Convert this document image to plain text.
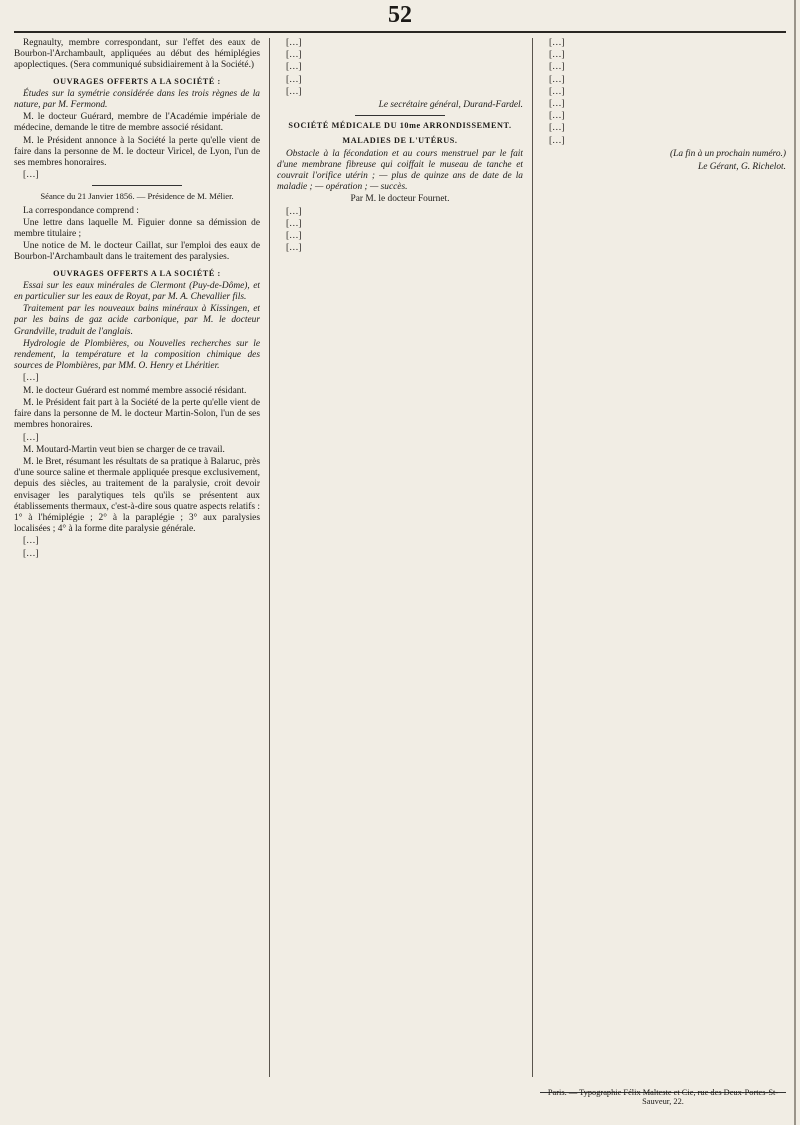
52

Regnaulty, membre correspondant, sur l'effet des eaux de Bourbon-l'Archambault, appliquées au début des hémiplégies apoplectiques. (Sera communiqué subsidiairement à la Société.)

OUVRAGES OFFERTS A LA SOCIÉTÉ :

Études sur la symétrie considérée dans les trois règnes de la nature, par M. Fermond.

M. le docteur Guérard, membre de l'Académie impériale de médecine, demande le titre de membre associé résidant.

M. le Président annonce à la Société la perte qu'elle vient de faire dans la personne de M. le docteur Viricel, de Lyon, l'un de ses membres honoraires.

[…]

Séance du 21 Janvier 1856. — Présidence de M. Mélier.

La correspondance comprend :

Une lettre dans laquelle M. Figuier donne sa démission de membre titulaire ;

Une notice de M. le docteur Caillat, sur l'emploi des eaux de Bourbon-l'Archambault dans le traitement des paralysies.

OUVRAGES OFFERTS A LA SOCIÉTÉ :

Essai sur les eaux minérales de Clermont (Puy-de-Dôme), et en particulier sur les eaux de Royat, par M. A. Chevallier fils.

Traitement par les nouveaux bains minéraux à Kissingen, et par les bains de gaz acide carbonique, par M. le docteur Grandville, traduit de l'anglais.

Hydrologie de Plombières, ou Nouvelles recherches sur le rendement, la température et la composition chimique des sources de Plombières, par MM. O. Henry et Lhéritier.

[…]

M. le docteur Guérard est nommé membre associé résidant.

M. le Président fait part à la Société de la perte qu'elle vient de faire dans la personne de M. le docteur Martin-Solon, l'un de ses membres honoraires.

[…]

M. Moutard-Martin veut bien se charger de ce travail.

M. le Bret, résumant les résultats de sa pratique à Balaruc, près d'une source saline et thermale appliquée presque exclusivement, depuis des siècles, au traitement de la paralysie, croit devoir envisager les paralytiques tels qu'ils se présentent aux établissements thermaux, c'est-à-dire sous quatre aspects relatifs : 1° à l'hémiplégie ; 2° à la paraplégie ; 3° aux paralysies localisées ; 4° à la forme dite paralysie générale.

[…]

[…]

[…]

[…]

[…]

[…]

[…]

Le secrétaire général, Durand-Fardel.
SOCIÉTÉ MÉDICALE DU 10me ARRONDISSEMENT.
MALADIES DE L'UTÉRUS.

Obstacle à la fécondation et au cours menstruel par le fait d'une membrane fibreuse qui coiffait le museau de tanche et couvrait l'orifice utérin ; — plus de quinze ans de date de la maladie ; — opération ; — succès.

Par M. le docteur Fournet.

[…]

[…]

[…]

[…]

[…]

[…]

[…]

[…]

[…]

[…]

[…]

[…]

[…]

(La fin à un prochain numéro.)
Le Gérant, G. Richelot.
Paris. — Typographie Félix Malteste et Cie, rue des Deux-Portes-St-Sauveur, 22.
